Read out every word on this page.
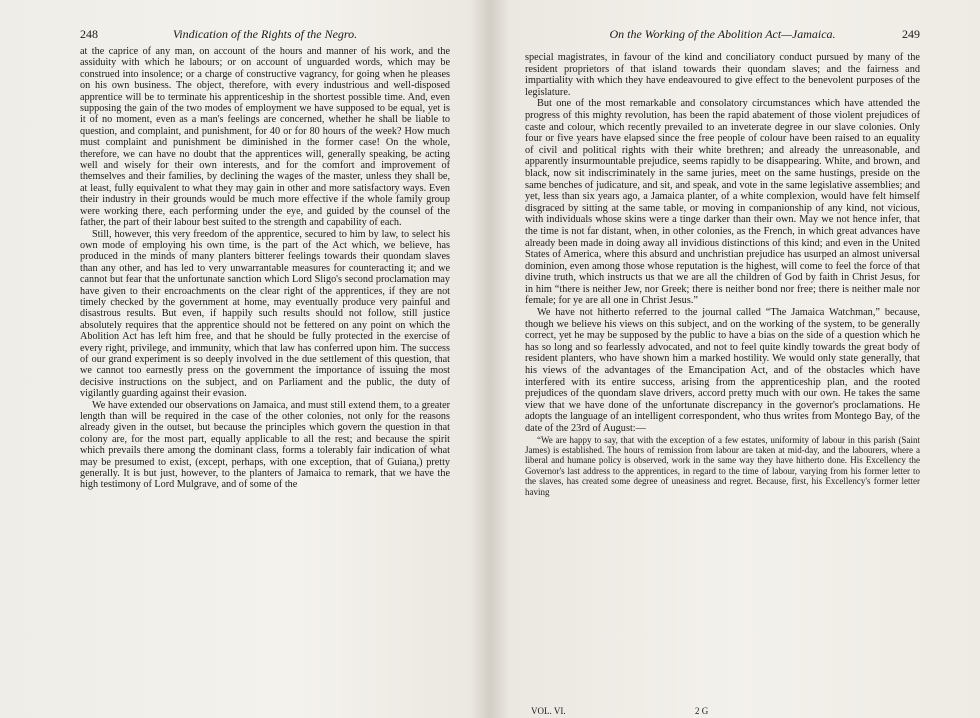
248	Vindication of the Rights of the Negro.

at the caprice of any man, on account of the hours and manner of his work, and the assiduity with which he labours; or on account of unguarded words, which may be construed into insolence; or a charge of constructive vagrancy, for going when he pleases on his own business. The object, therefore, with every industrious and well-disposed apprentice will be to terminate his apprenticeship in the shortest possible time. And, even supposing the gain of the two modes of employment we have supposed to be equal, yet is it of no moment, even as a man's feelings are concerned, whether he shall be liable to question, and complaint, and punishment, for 40 or for 80 hours of the week? How much must complaint and punishment be diminished in the former case! On the whole, therefore, we can have no doubt that the apprentices will, generally speaking, be acting well and wisely for their own interests, and for the comfort and improvement of themselves and their families, by declining the wages of the master, unless they shall be, at least, fully equivalent to what they may gain in other and more satisfactory ways. Even their industry in their grounds would be much more effective if the whole family group were working there, each performing under the eye, and guided by the counsel of the father, the part of their labour best suited to the strength and capability of each.

Still, however, this very freedom of the apprentice, secured to him by law, to select his own mode of employing his own time, is the part of the Act which, we believe, has produced in the minds of many planters bitterer feelings towards their quondam slaves than any other, and has led to very unwarrantable measures for counteracting it; and we cannot but fear that the unfortunate sanction which Lord Sligo's second proclamation may have given to their encroachments on the clear right of the apprentices, if they are not timely checked by the government at home, may eventually produce very painful and disastrous results. But even, if happily such results should not follow, still justice absolutely requires that the apprentice should not be fettered on any point on which the Abolition Act has left him free, and that he should be fully protected in the exercise of every right, privilege, and immunity, which that law has conferred upon him. The success of our grand experiment is so deeply involved in the due settlement of this question, that we cannot too earnestly press on the government the importance of issuing the most decisive instructions on the subject, and on Parliament and the public, the duty of vigilantly guarding against their evasion.

We have extended our observations on Jamaica, and must still extend them, to a greater length than will be required in the case of the other colonies, not only for the reasons already given in the outset, but because the principles which govern the question in that colony are, for the most part, equally applicable to all the rest; and because the spirit which prevails there among the dominant class, forms a tolerably fair indication of what may be presumed to exist, (except, perhaps, with one exception, that of Guiana,) pretty generally. It is but just, however, to the planters of Jamaica to remark, that we have the high testimony of Lord Mulgrave, and of some of the

On the Working of the Abolition Act—Jamaica.	249

special magistrates, in favour of the kind and conciliatory conduct pursued by many of the resident proprietors of that island towards their quondam slaves; and the fairness and impartiality with which they have endeavoured to give effect to the benevolent purposes of the legislature.

But one of the most remarkable and consolatory circumstances which have attended the progress of this mighty revolution, has been the rapid abatement of those violent prejudices of caste and colour, which recently prevailed to an inveterate degree in our slave colonies. Only four or five years have elapsed since the free people of colour have been raised to an equality of civil and political rights with their white brethren; and already the unreasonable, and apparently insurmountable prejudice, seems rapidly to be disappearing. White, and brown, and black, now sit indiscriminately in the same juries, meet on the same hustings, preside on the same benches of judicature, and sit, and speak, and vote in the same legislative assemblies; and yet, less than six years ago, a Jamaica planter, of a white complexion, would have felt himself disgraced by sitting at the same table, or moving in companionship of any kind, not vicious, with individuals whose skins were a tinge darker than their own. May we not hence infer, that the time is not far distant, when, in other colonies, as the French, in which great advances have already been made in doing away all invidious distinctions of this kind; and even in the United States of America, where this absurd and unchristian prejudice has usurped an almost universal dominion, even among those whose reputation is the highest, will come to feel the force of that divine truth, which instructs us that we are all the children of God by faith in Christ Jesus, for in him “there is neither Jew, nor Greek; there is neither bond nor free; there is neither male nor female; for ye are all one in Christ Jesus.”

We have not hitherto referred to the journal called “The Jamaica Watchman,” because, though we believe his views on this subject, and on the working of the system, to be generally correct, yet he may be supposed by the public to have a bias on the side of a question which he has so long and so fearlessly advocated, and not to feel quite kindly towards the great body of resident planters, who have shown him a marked hostility. We would only state generally, that his views of the advantages of the Emancipation Act, and of the obstacles which have interfered with its entire success, arising from the apprenticeship plan, and the rooted prejudices of the quondam slave drivers, accord pretty much with our own. He takes the same view that we have done of the unfortunate discrepancy in the governor's proclamations. He adopts the language of an intelligent correspondent, who thus writes from Montego Bay, of the date of the 23rd of August:—

“We are happy to say, that with the exception of a few estates, uniformity of labour in this parish (Saint James) is established. The hours of remission from labour are taken at mid-day, and the labourers, where a liberal and humane policy is observed, work in the same way they have hitherto done. His Excellency the Governor's last address to the apprentices, in regard to the time of labour, varying from his former letter to the slaves, has created some degree of uneasiness and regret. Because, first, his Excellency's former letter having

VOL. VI.	2 G
